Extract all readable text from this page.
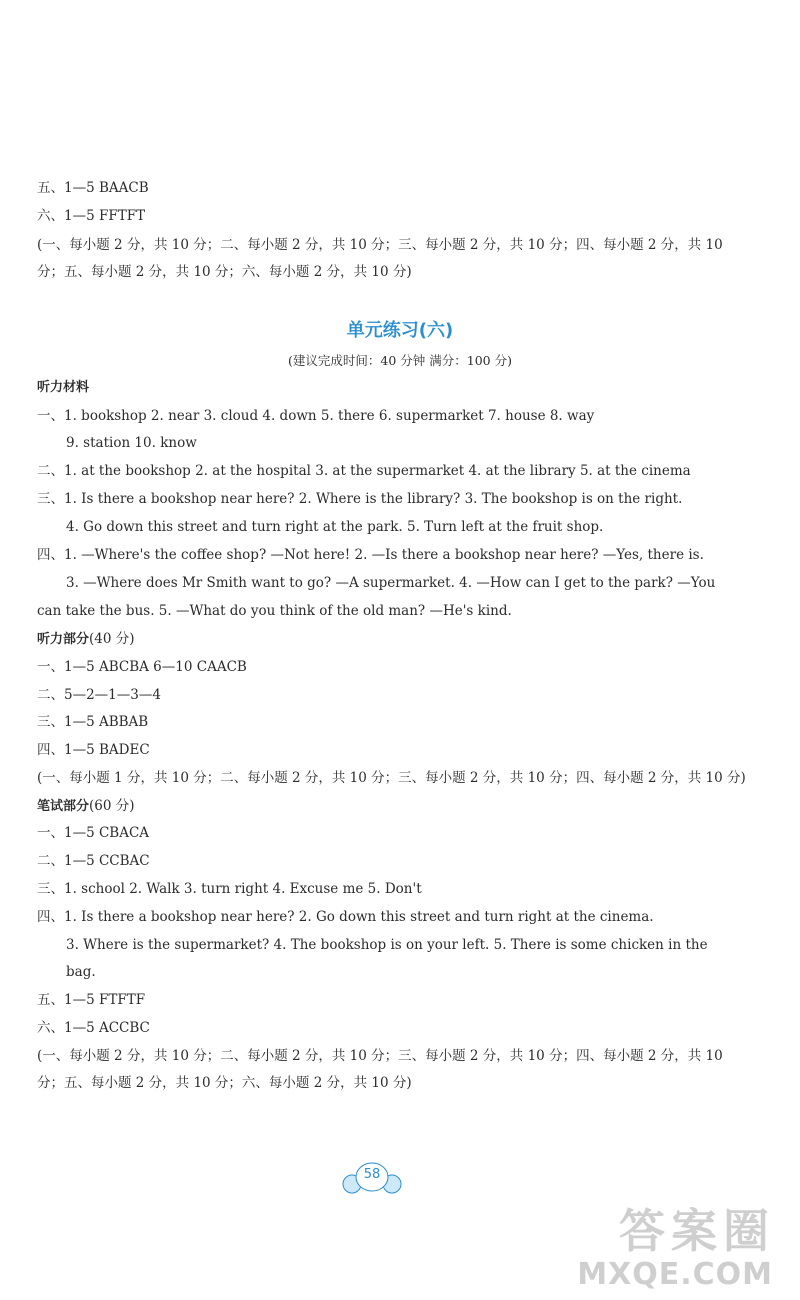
五、1—5 BAACB
六、1—5 FFTFT
(一、每小题 2 分，共 10 分；二、每小题 2 分，共 10 分；三、每小题 2 分，共 10 分；四、每小题 2 分，共 10
分；五、每小题 2 分，共 10 分；六、每小题 2 分，共 10 分)
单元练习(六)
(建议完成时间：40 分钟 满分：100 分)
听力材料
一、1. bookshop 2. near 3. cloud 4. down 5. there 6. supermarket 7. house 8. way
9. station 10. know
二、1. at the bookshop 2. at the hospital 3. at the supermarket 4. at the library 5. at the cinema
三、1. Is there a bookshop near here? 2. Where is the library? 3. The bookshop is on the right.
4. Go down this street and turn right at the park. 5. Turn left at the fruit shop.
四、1. —Where's the coffee shop? —Not here! 2. —Is there a bookshop near here? —Yes, there is.
3. —Where does Mr Smith want to go? —A supermarket. 4. —How can I get to the park? —You
can take the bus. 5. —What do you think of the old man? —He's kind.
听力部分(40 分)
一、1—5 ABCBA 6—10 CAACB
二、5—2—1—3—4
三、1—5 ABBAB
四、1—5 BADEC
(一、每小题 1 分，共 10 分；二、每小题 2 分，共 10 分；三、每小题 2 分，共 10 分；四、每小题 2 分，共 10 分)
笔试部分(60 分)
一、1—5 CBACA
二、1—5 CCBAC
三、1. school 2. Walk 3. turn right 4. Excuse me 5. Don't
四、1. Is there a bookshop near here? 2. Go down this street and turn right at the cinema.
3. Where is the supermarket? 4. The bookshop is on your left. 5. There is some chicken in the
bag.
五、1—5 FTFTF
六、1—5 ACCBC
(一、每小题 2 分，共 10 分；二、每小题 2 分，共 10 分；三、每小题 2 分，共 10 分；四、每小题 2 分，共 10
分；五、每小题 2 分，共 10 分；六、每小题 2 分，共 10 分)
58
答案圈
MXQE.COM
